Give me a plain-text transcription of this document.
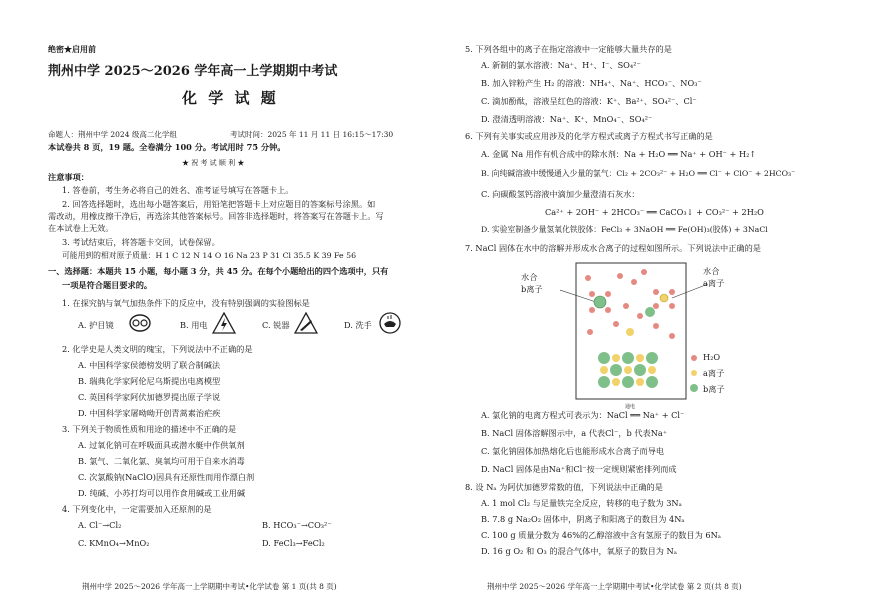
绝密★启用前
荆州中学 2025～2026 学年高一上学期期中考试
化 学 试 题
命题人：荆州中学 2024 级高二化学组	考试时间：2025 年 11 月 11 日 16:15～17:30
本试卷共 8 页，19 题。全卷满分 100 分。考试用时 75 分钟。
★ 祝 考 试 顺 利 ★
注意事项：
1. 答卷前，考生务必将自己的姓名、准考证号填写在答题卡上。
2. 回答选择题时，选出每小题答案后，用铅笔把答题卡上对应题目的答案标号涂黑。如
需改动，用橡皮擦干净后，再选涂其他答案标号。回答非选择题时，将答案写在答题卡上。写
在本试卷上无效。
3. 考试结束后，将答题卡交回，试卷保留。
可能用到的相对原子质量：H 1 C 12 N 14 O 16 Na 23 P 31 Cl 35.5 K 39 Fe 56
一、选择题：本题共 15 小题，每小题 3 分，共 45 分。在每个小题给出的四个选项中，只有
一项是符合题目要求的。
1. 在探究钠与氧气加热条件下的反应中，没有特别强调的实验图标是
A. 护目镜	B. 用电	C. 锐器	D. 洗手
2. 化学史是人类文明的瑰宝，下列说法中不正确的是
A. 中国科学家侯德榜发明了联合制碱法
B. 瑞典化学家阿伦尼乌斯提出电离模型
C. 英国科学家阿伏加德罗提出原子学说
D. 中国科学家屠呦呦开创青蒿素治疟疾
3. 下列关于物质性质和用途的描述中不正确的是
A. 过氧化钠可在呼吸面具或潜水艇中作供氧剂
B. 氯气、二氧化氯、臭氧均可用于自来水消毒
C. 次氯酸钠(NaClO)因具有还原性而用作漂白剂
D. 纯碱、小苏打均可以用作食用碱或工业用碱
4. 下列变化中，一定需要加入还原剂的是
A. Cl⁻→Cl₂	B. HCO₃⁻→CO₃²⁻
C. KMnO₄→MnO₂	D. FeCl₃→FeCl₂
荆州中学 2025～2026 学年高一上学期期中考试•化学试卷 第 1 页(共 8 页)
5. 下列各组中的离子在指定溶液中一定能够大量共存的是
A. 新制的氯水溶液：Na⁺、H⁺、I⁻、SO₄²⁻
B. 加入锌粉产生 H₂ 的溶液：NH₄⁺、Na⁺、HCO₃⁻、NO₃⁻
C. 滴加酚酞，溶液呈红色的溶液：K⁺、Ba²⁺、SO₄²⁻、Cl⁻
D. 澄清透明溶液：Na⁺、K⁺、MnO₄⁻、SO₄²⁻
6. 下列有关事实或应用涉及的化学方程式或离子方程式书写正确的是
A. 金属 Na 用作有机合成中的除水剂：Na + H₂O ══ Na⁺ + OH⁻ + H₂↑
B. 向纯碱溶液中缓慢通入少量的氯气：Cl₂ + 2CO₃²⁻ + H₂O ══ Cl⁻ + ClO⁻ + 2HCO₃⁻
C. 向碳酸氢钙溶液中滴加少量澄清石灰水：
Ca²⁺ + 2OH⁻ + 2HCO₃⁻ ══ CaCO₃↓ + CO₃²⁻ + 2H₂O
D. 实验室制备少量氢氧化铁胶体：FeCl₃ + 3NaOH ══ Fe(OH)₃(胶体) + 3NaCl
7. NaCl 固体在水中的溶解并形成水合离子的过程如图所示。下列说法中正确的是
水合
b离子
水合
a离子
H₂O
a离子
b离子
A. 氯化钠的电离方程式可表示为：NaCl ══ Na⁺ + Cl⁻
通电
B. NaCl 固体溶解图示中，a 代表Cl⁻，b 代表Na⁺
C. 氯化钠固体加热熔化后也能形成水合离子而导电
D. NaCl 固体是由Na⁺和Cl⁻按一定规则紧密排列而成
8. 设 Nₐ 为阿伏加德罗常数的值，下列说法中正确的是
A. 1 mol Cl₂ 与足量铁完全反应，转移的电子数为 3Nₐ
B. 7.8 g Na₂O₂ 固体中，阴离子和阳离子的数目为 4Nₐ
C. 100 g 质量分数为 46%的乙醇溶液中含有氢原子的数目为 6Nₐ
D. 16 g O₂ 和 O₃ 的混合气体中，氧原子的数目为 Nₐ
荆州中学 2025～2026 学年高一上学期期中考试•化学试卷 第 2 页(共 8 页)
